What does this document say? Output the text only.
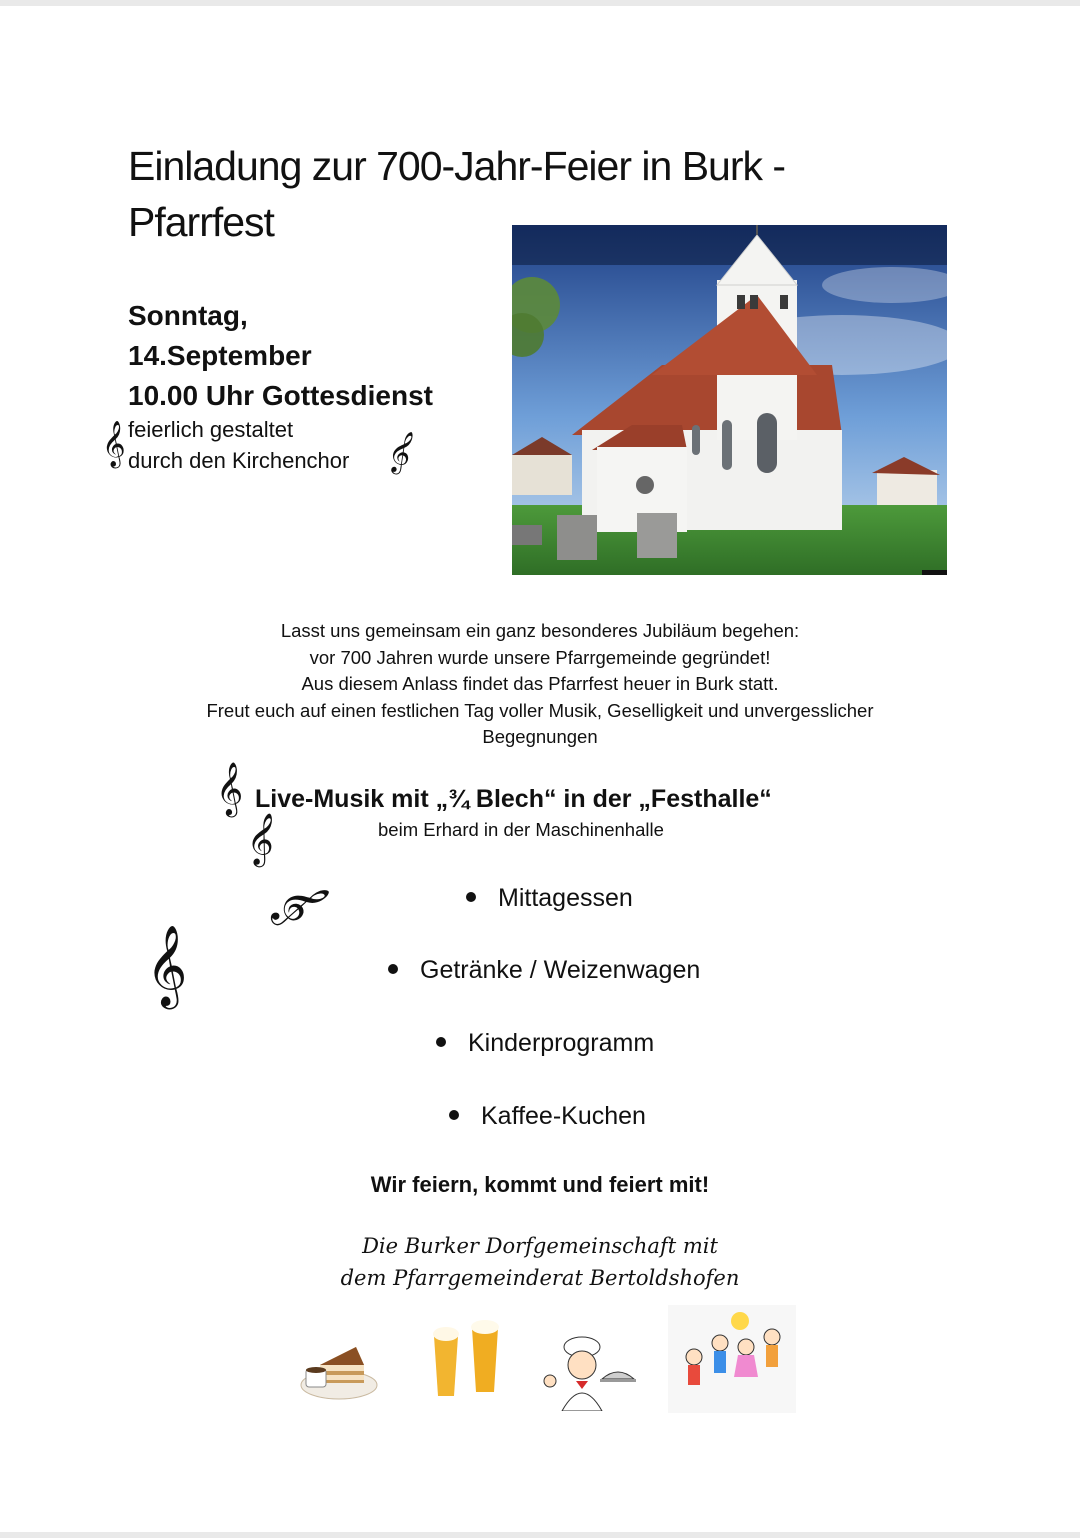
Einladung zur 700-Jahr-Feier in Burk -
Pfarrfest
Sonntag,
14.September
10.00 Uhr Gottesdienst
feierlich gestaltet
durch den Kirchenchor
𝄞	𝄞
𝄞
𝄞
𝄞
𝄞
Lasst uns gemeinsam ein ganz besonderes Jubiläum begehen:
vor 700 Jahren wurde unsere Pfarrgemeinde gegründet!
Aus diesem Anlass findet das Pfarrfest heuer in Burk statt.
Freut euch auf einen festlichen Tag voller Musik, Geselligkeit und unvergesslicher
Begegnungen
Live-Musik mit „¾ Blech“ in der „Festhalle“
beim Erhard in der Maschinenhalle
Mittagessen
Getränke / Weizenwagen
Kinderprogramm
Kaffee-Kuchen
Wir feiern, kommt und feiert mit!
Die Burker Dorfgemeinschaft mit
dem Pfarrgemeinderat Bertoldshofen
